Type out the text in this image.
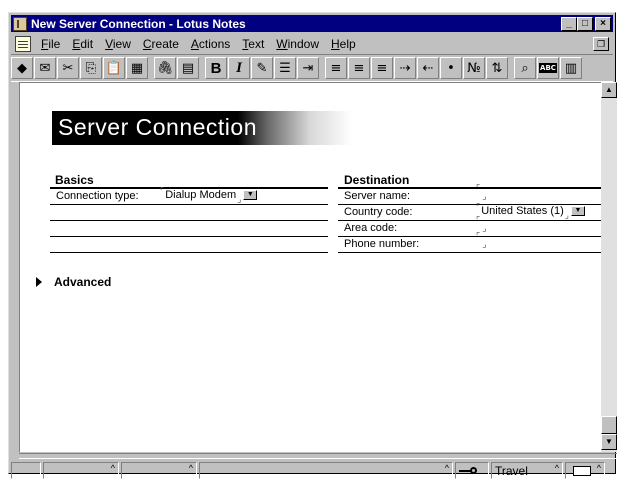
New Server Connection - Lotus Notes	_	□	×
File	Edit	View	Create	Actions	Text	Window	Help	❐
◆ ✉ ✂ ⎘ 📋 ▦	🖇 ▤	B I	✎ ☰ ⇥	≡ ≡ ≡ ⇢ ⇠	• № ⇅	⌕	ABC ▥
Server Connection
Basics
Connection type: ⌜ Dialup Modem ⌟ ▼
Destination
Server name:
⌜
⌟
Country code:	⌜ United States (1) ⌟ ▼
Area code:
⌜
⌟
Phone number:
⌜
⌟
Advanced
▲
▼
^	^	^	Travel	^	^
